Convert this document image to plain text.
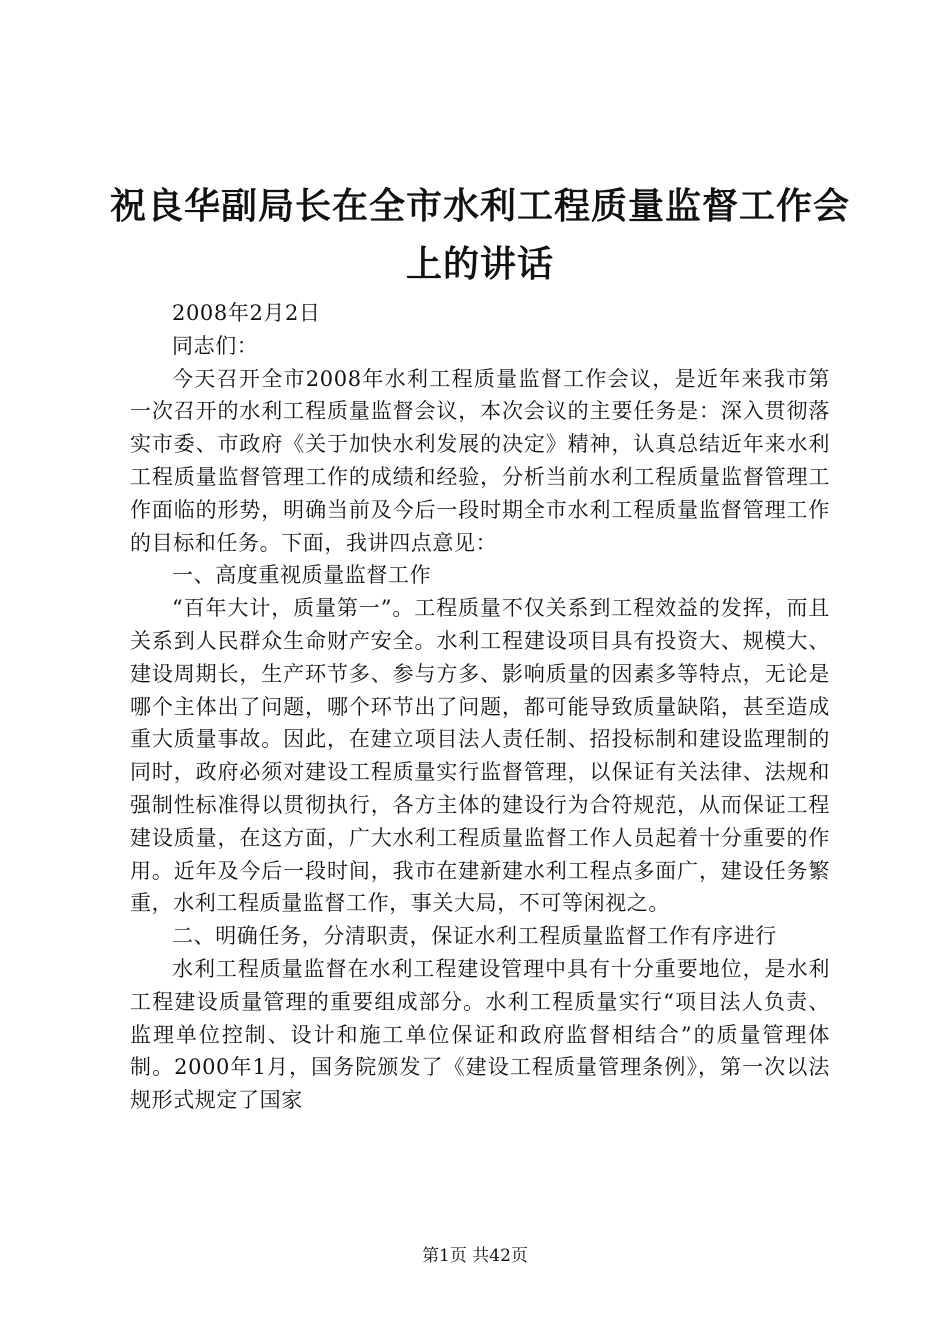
祝良华副局长在全市水利工程质量监督工作会上的讲话

2008年2月2日

同志们：

今天召开全市2008年水利工程质量监督工作会议，是近年来我市第一次召开的水利工程质量监督会议，本次会议的主要任务是：深入贯彻落实市委、市政府《关于加快水利发展的决定》精神，认真总结近年来水利工程质量监督管理工作的成绩和经验，分析当前水利工程质量监督管理工作面临的形势，明确当前及今后一段时期全市水利工程质量监督管理工作的目标和任务。下面，我讲四点意见：

一、高度重视质量监督工作

“百年大计，质量第一”。工程质量不仅关系到工程效益的发挥，而且关系到人民群众生命财产安全。水利工程建设项目具有投资大、规模大、建设周期长，生产环节多、参与方多、影响质量的因素多等特点，无论是哪个主体出了问题，哪个环节出了问题，都可能导致质量缺陷，甚至造成重大质量事故。因此，在建立项目法人责任制、招投标制和建设监理制的同时，政府必须对建设工程质量实行监督管理，以保证有关法律、法规和强制性标准得以贯彻执行，各方主体的建设行为合符规范，从而保证工程建设质量，在这方面，广大水利工程质量监督工作人员起着十分重要的作用。近年及今后一段时间，我市在建新建水利工程点多面广，建设任务繁重，水利工程质量监督工作，事关大局，不可等闲视之。

二、明确任务，分清职责，保证水利工程质量监督工作有序进行

水利工程质量监督在水利工程建设管理中具有十分重要地位，是水利工程建设质量管理的重要组成部分。水利工程质量实行“项目法人负责、监理单位控制、设计和施工单位保证和政府监督相结合”的质量管理体制。2000年1月，国务院颁发了《建设工程质量管理条例》，第一次以法规形式规定了国家

第1页 共42页
